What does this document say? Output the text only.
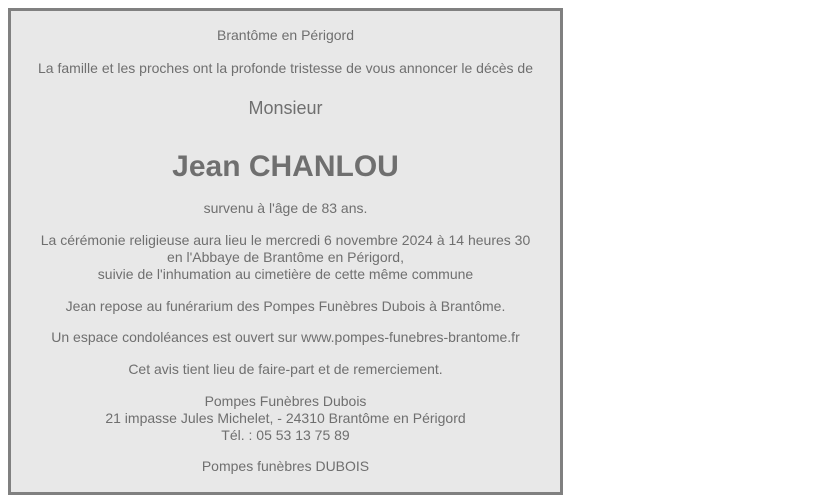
Brantôme en Périgord
La famille et les proches ont la profonde tristesse de vous annoncer le décès de
Monsieur
Jean CHANLOU
survenu à l'âge de 83 ans.
La cérémonie religieuse aura lieu le mercredi 6 novembre 2024 à 14 heures 30
en l'Abbaye de Brantôme en Périgord,
suivie de l'inhumation au cimetière de cette même commune
Jean repose au funérarium des Pompes Funèbres Dubois à Brantôme.
Un espace condoléances est ouvert sur www.pompes-funebres-brantome.fr
Cet avis tient lieu de faire-part et de remerciement.
Pompes Funèbres Dubois
21 impasse Jules Michelet, - 24310 Brantôme en Périgord
Tél. : 05 53 13 75 89
Pompes funèbres DUBOIS
